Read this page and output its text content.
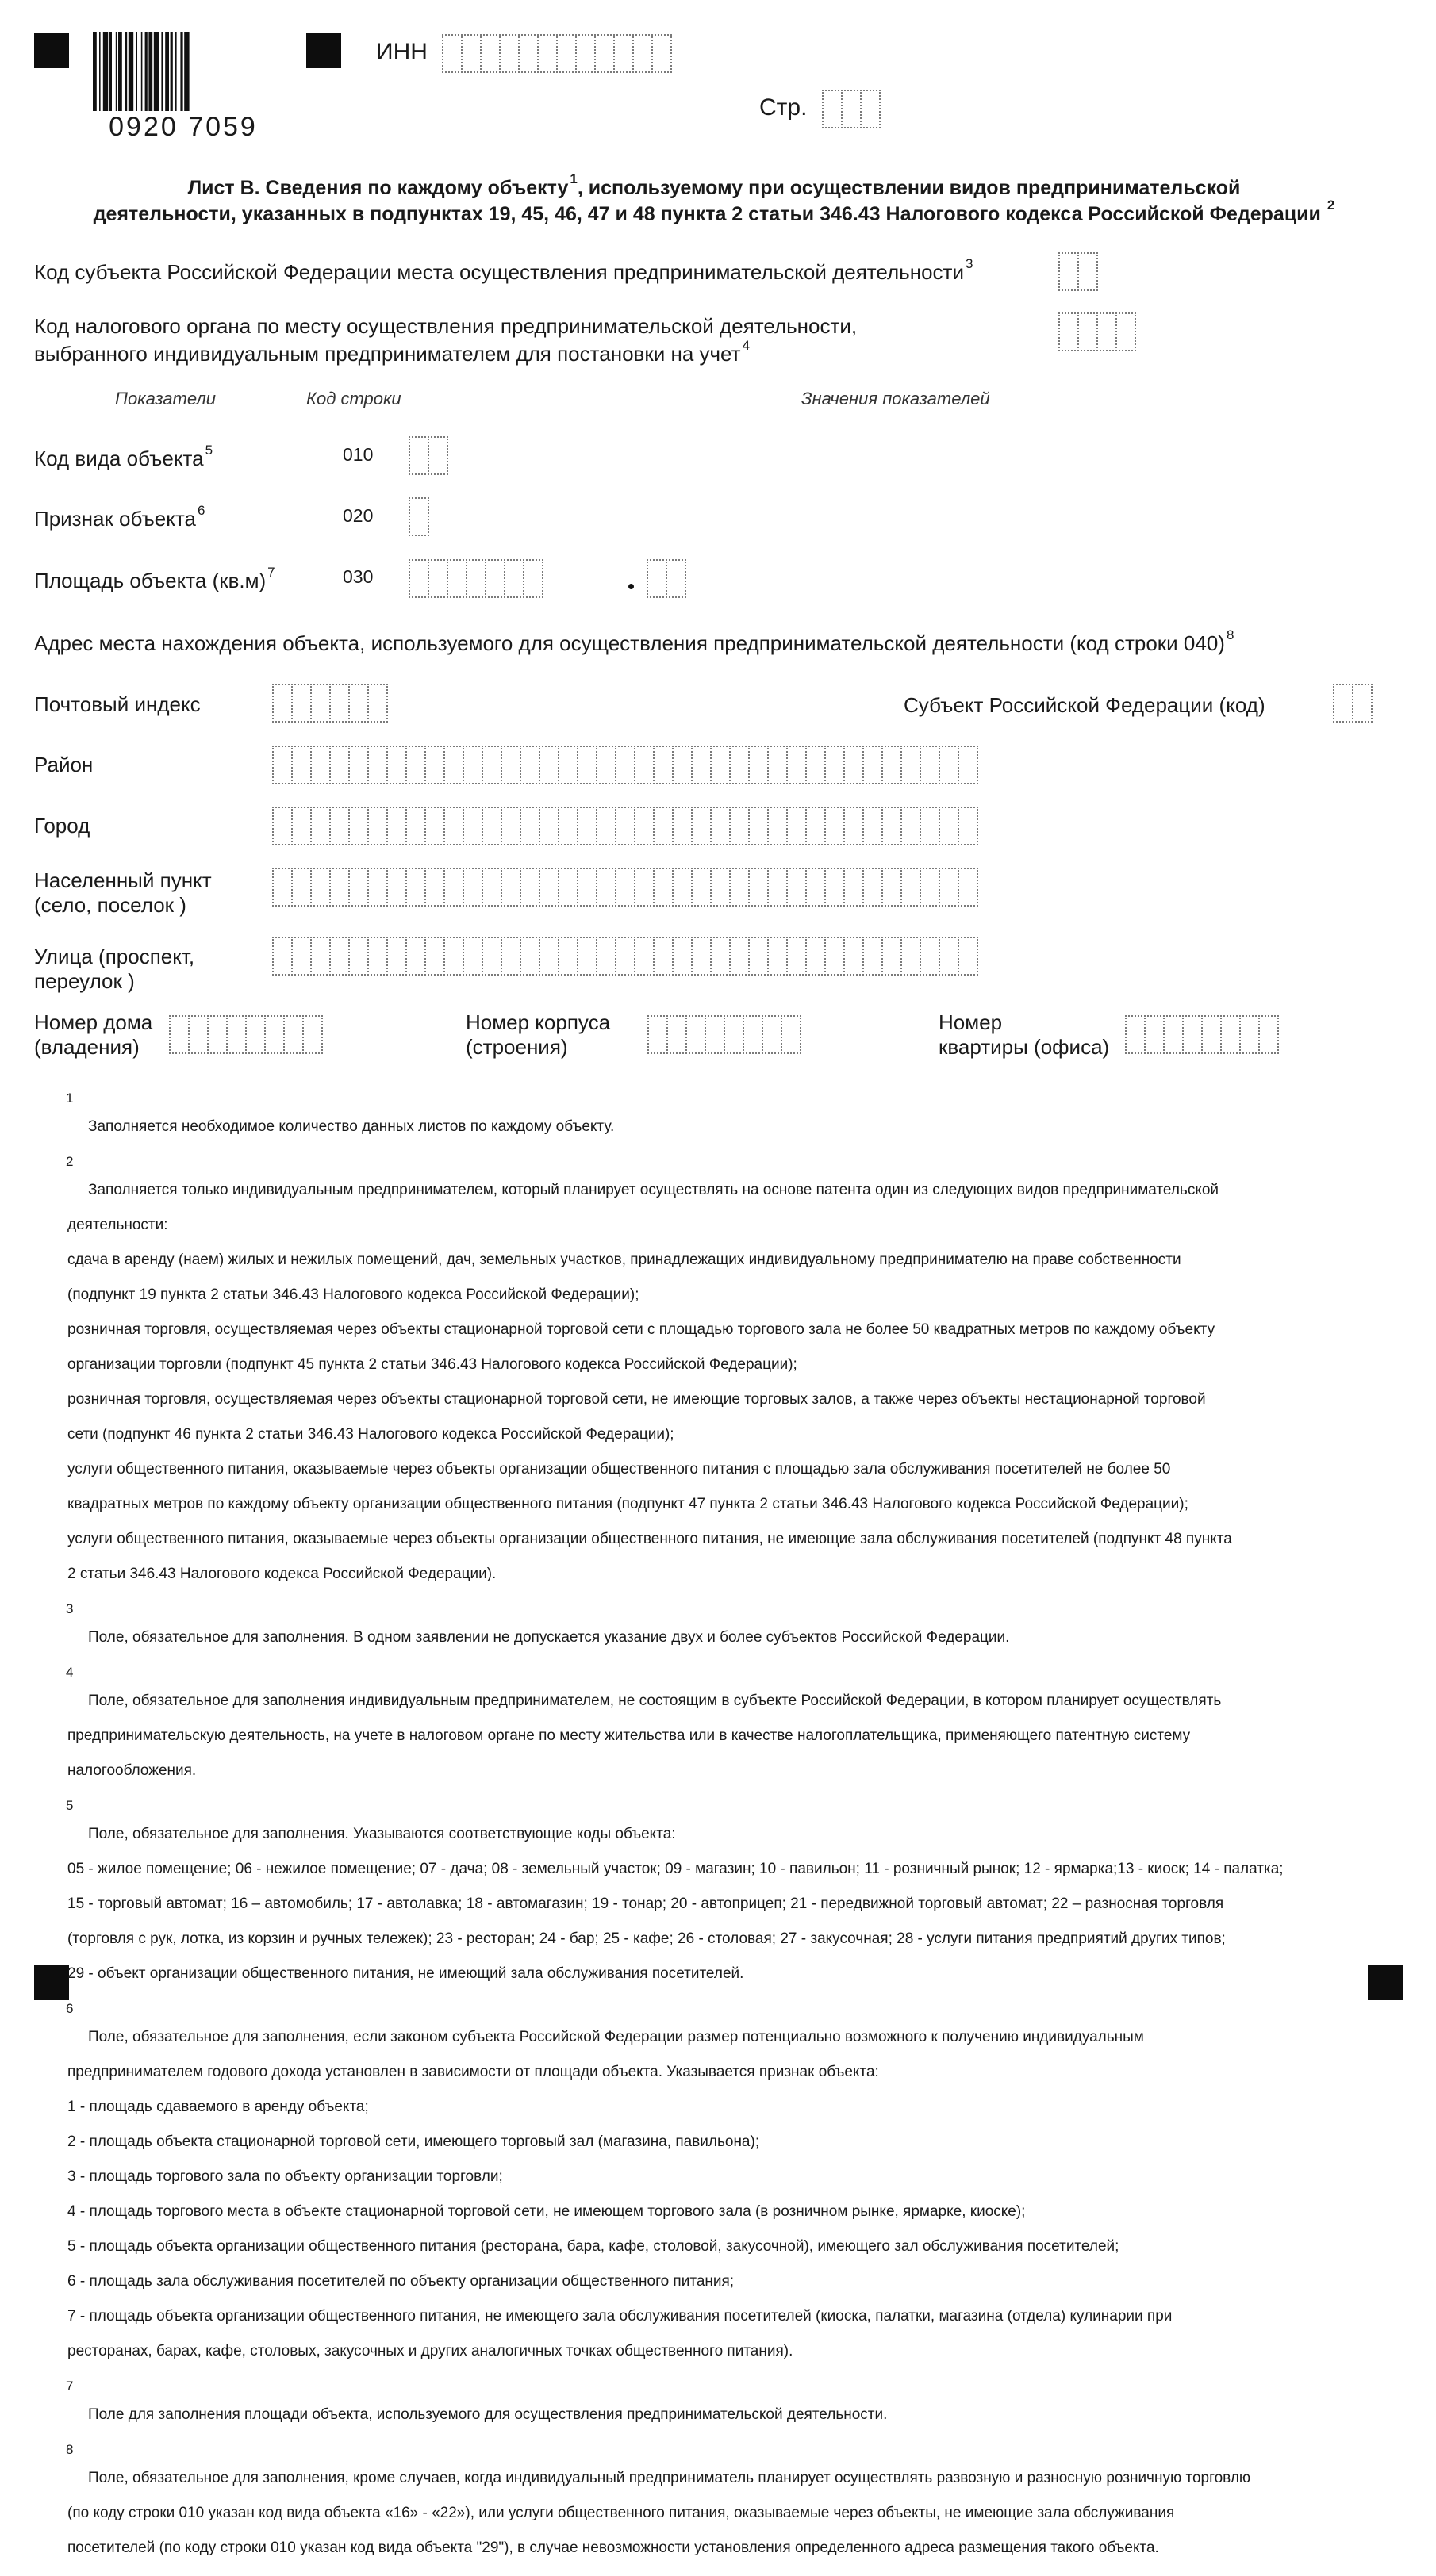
0920 7059
ИНН
Стр.
Лист В. Сведения по каждому объекту $^1$, используемому при осуществлении видов предпринимательской
деятельности, указанных в подпунктах 19, 45, 46, 47 и 48 пункта 2 статьи 346.43 Налогового кодекса Российской Федерации $^2$
Код субъекта Российской Федерации места осуществления предпринимательской деятельности $^3$
Код налогового органа по месту осуществления предпринимательской деятельности,
выбранного индивидуальным предпринимателем для постановки на учет $^4$
Показатели	Код строки	Значения показателей
Код вида объекта $^5$	010
Признак объекта $^6$	020
Площадь объекта (кв.м) $^7$	030
Адрес места нахождения объекта, используемого для осуществления предпринимательской деятельности (код строки 040) $^8$
Почтовый индекс	Субъект Российской Федерации (код)
Район
Город
Населенный пункт
(село, поселок )
Улица (проспект,
переулок )
Номер дома
(владения)
Номер корпуса
(строения)
Номер
квартиры (офиса)
1

Заполняется необходимое количество данных листов по каждому объекту.

2

Заполняется только индивидуальным предпринимателем, который планирует осуществлять на основе патента один из следующих видов предпринимательской

деятельности:

сдача в аренду (наем) жилых и нежилых помещений, дач, земельных участков, принадлежащих индивидуальному предпринимателю на праве собственности

(подпункт 19 пункта 2 статьи 346.43 Налогового кодекса Российской Федерации);

розничная торговля, осуществляемая через объекты стационарной торговой сети с площадью торгового зала не более 50 квадратных метров по каждому объекту

организации торговли (подпункт 45 пункта 2 статьи 346.43 Налогового кодекса Российской Федерации);

розничная торговля, осуществляемая через объекты стационарной торговой сети, не имеющие торговых залов, а также через объекты нестационарной торговой

сети (подпункт 46 пункта 2 статьи 346.43 Налогового кодекса Российской Федерации);

услуги общественного питания, оказываемые через объекты организации общественного питания с площадью зала обслуживания посетителей не более 50

квадратных метров по каждому объекту организации общественного питания (подпункт 47 пункта 2 статьи 346.43 Налогового кодекса Российской Федерации);

услуги общественного питания, оказываемые через объекты организации общественного питания, не имеющие зала обслуживания посетителей (подпункт 48 пункта

2 статьи 346.43 Налогового кодекса Российской Федерации).

3

Поле, обязательное для заполнения. В одном заявлении не допускается указание двух и более субъектов Российской Федерации.

4

Поле, обязательное для заполнения индивидуальным предпринимателем, не состоящим в субъекте Российской Федерации, в котором планирует осуществлять

предпринимательскую деятельность, на учете в налоговом органе по месту жительства или в качестве налогоплательщика, применяющего патентную систему

налогообложения.

5

Поле, обязательное для заполнения. Указываются соответствующие коды объекта:

05 - жилое помещение; 06 - нежилое помещение; 07 - дача; 08 - земельный участок; 09 - магазин; 10 - павильон; 11 - розничный рынок; 12 - ярмарка;13 - киоск; 14 - палатка;

15 - торговый автомат; 16 – автомобиль; 17 - автолавка; 18 - автомагазин; 19 - тонар; 20 - автоприцеп; 21 - передвижной торговый автомат; 22 – разносная торговля

(торговля с рук, лотка, из корзин и ручных тележек); 23 - ресторан; 24 - бар; 25 - кафе; 26 - столовая; 27 - закусочная; 28 - услуги питания предприятий других типов;

29 - объект организации общественного питания, не имеющий зала обслуживания посетителей.

6

Поле, обязательное для заполнения, если законом субъекта Российской Федерации размер потенциально возможного к получению индивидуальным

предпринимателем годового дохода установлен в зависимости от площади объекта. Указывается признак объекта:

1 - площадь сдаваемого в аренду объекта;

2 - площадь объекта стационарной торговой сети, имеющего торговый зал (магазина, павильона);

3 - площадь торгового зала по объекту организации торговли;

4 - площадь торгового места в объекте стационарной торговой сети, не имеющем торгового зала (в розничном рынке, ярмарке, киоске);

5 - площадь объекта организации общественного питания (ресторана, бара, кафе, столовой, закусочной), имеющего зал обслуживания посетителей;

6 - площадь зала обслуживания посетителей по объекту организации общественного питания;

7 - площадь объекта организации общественного питания, не имеющего зала обслуживания посетителей (киоска, палатки, магазина (отдела) кулинарии при

ресторанах, барах, кафе, столовых, закусочных и других аналогичных точках общественного питания).

7

Поле для заполнения площади объекта, используемого для осуществления предпринимательской деятельности.

8

Поле, обязательное для заполнения, кроме случаев, когда индивидуальный предприниматель планирует осуществлять развозную и разносную розничную торговлю

(по коду строки 010 указан код вида объекта «16» - «22»), или услуги общественного питания, оказываемые через объекты, не имеющие зала обслуживания

посетителей (по коду строки 010 указан код вида объекта "29"), в случае невозможности установления определенного адреса размещения такого объекта.
